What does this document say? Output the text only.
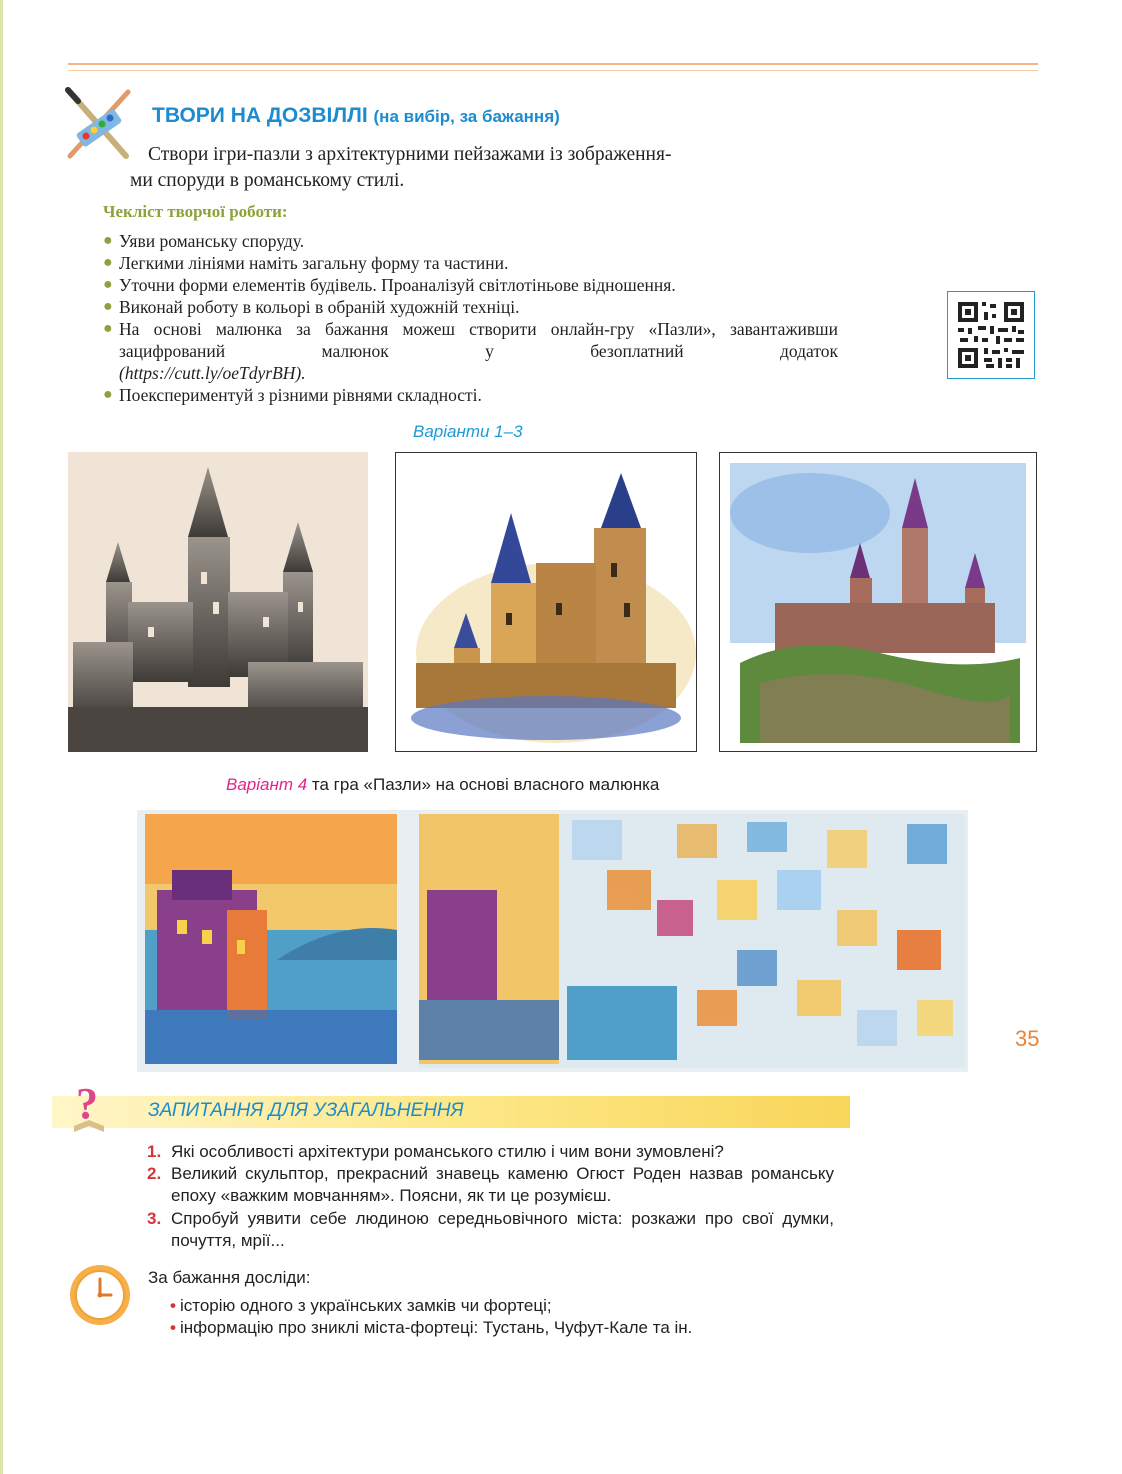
ТВОРИ НА ДОЗВІЛЛІ (на вибір, за бажання)
Створи ігри-пазли з архітектурними пейзажами із зображення-
ми споруди в романському стилі.
Чекліст творчої роботи:
● Уяви романську споруду.
● Легкими лініями наміть загальну форму та частини.
● Уточни форми елементів будівель. Проаналізуй світлотіньове відношення.
● Виконай роботу в кольорі в обраній художній техніці.
● На основі малюнка за бажання можеш створити онлайн-гру «Пазли», завантаживши зацифрований малюнок у безоплатний додаток
(https://cutt.ly/oeTdyrBH).
● Поекспериментуй з різними рівнями складності.
Варіанти 1–3
Варіант 4 та гра «Пазли» на основі власного малюнка
?	ЗАПИТАННЯ ДЛЯ УЗАГАЛЬНЕННЯ
1. Які особливості архітектури романського стилю і чим вони зумовлені?
2. Великий скульптор, прекрасний знавець каменю Огюст Роден назвав романську епоху «важким мовчанням». Поясни, як ти це розумієш.
3. Спробуй уявити себе людиною середньовічного міста: розкажи про свої думки, почуття, мрії...
За бажання досліди:
• історію одного з українських замків чи фортеці;
• інформацію про зниклі міста-фортеці: Тустань, Чуфут-Кале та ін.
35
